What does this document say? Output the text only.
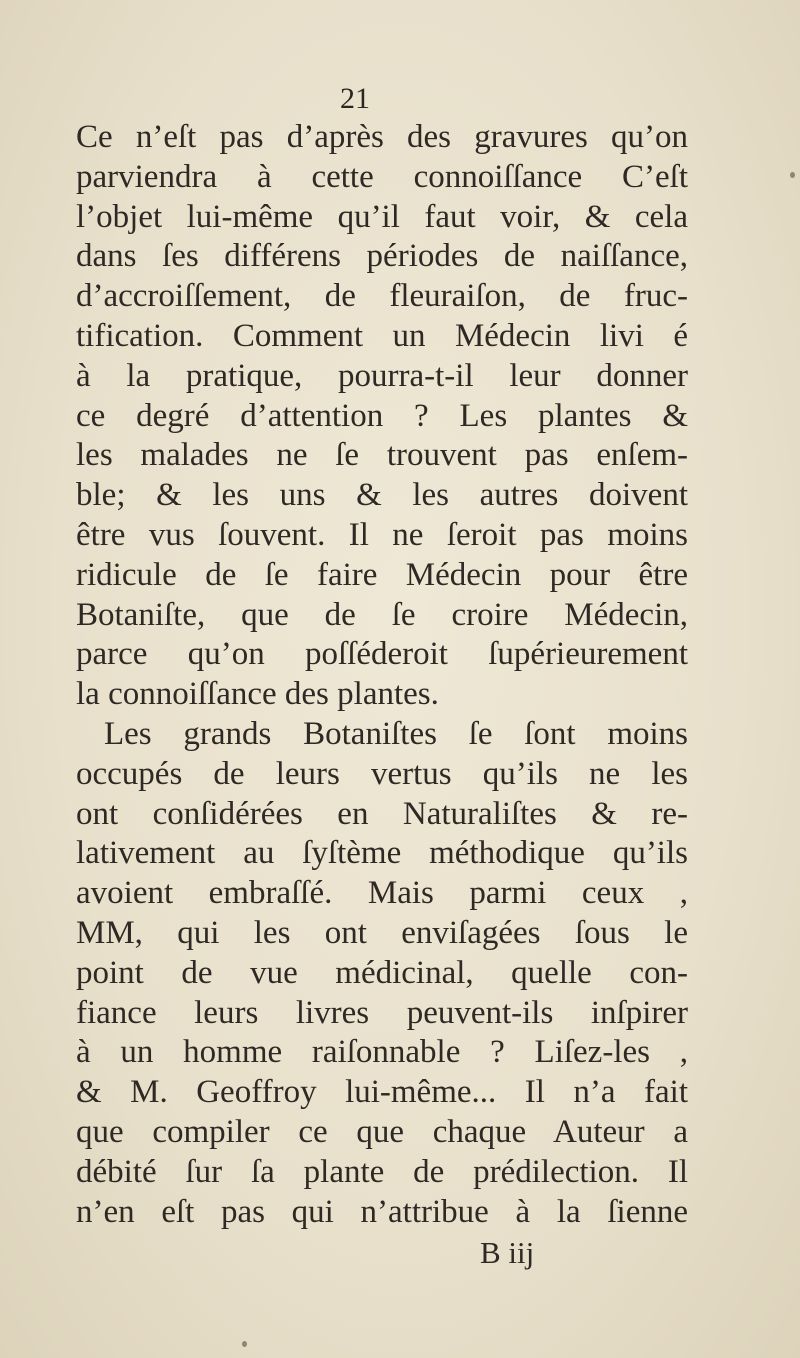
21
Ce n’eſt pas d’après des gravures qu’on
parviendra à cette connoiſſance C’eſt
l’objet lui-même qu’il faut voir, & cela
dans ſes différens périodes de naiſſance,
d’accroiſſement, de fleuraiſon, de fruc-
tification. Comment un Médecin livi é
à la pratique, pourra-t-il leur donner
ce degré d’attention ? Les plantes &
les malades ne ſe trouvent pas enſem-
ble; & les uns & les autres doivent
être vus ſouvent. Il ne ſeroit pas moins
ridicule de ſe faire Médecin pour être
Botaniſte, que de ſe croire Médecin,
parce qu’on poſſéderoit ſupérieurement
la connoiſſance des plantes.
Les grands Botaniſtes ſe ſont moins
occupés de leurs vertus qu’ils ne les
ont conſidérées en Naturaliſtes & re-
lativement au ſyſtème méthodique qu’ils
avoient embraſſé. Mais parmi ceux ,
MM, qui les ont enviſagées ſous le
point de vue médicinal, quelle con-
fiance leurs livres peuvent-ils inſpirer
à un homme raiſonnable ? Liſez-les ,
& M. Geoffroy lui-même... Il n’a fait
que compiler ce que chaque Auteur a
débité ſur ſa plante de prédilection. Il
n’en eſt pas qui n’attribue à la ſienne
B iij
